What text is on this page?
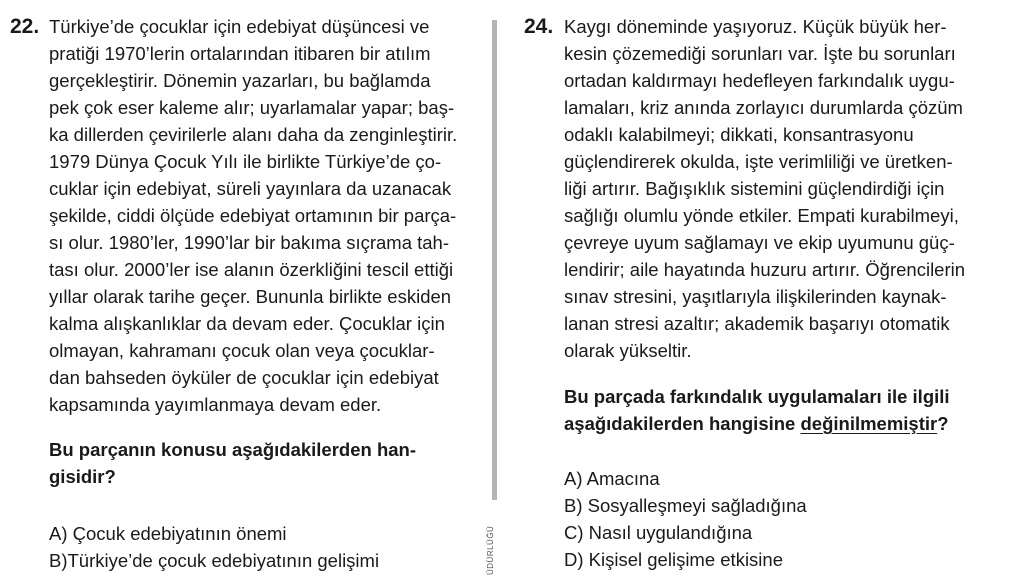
22. Türkiye’de çocuklar için edebiyat düşüncesi ve
pratiği 1970’lerin ortalarından itibaren bir atılım
gerçekleştirir. Dönemin yazarları, bu bağlamda
pek çok eser kaleme alır; uyarlamalar yapar; baş-
ka dillerden çevirilerle alanı daha da zenginleştirir.
1979 Dünya Çocuk Yılı ile birlikte Türkiye’de ço-
cuklar için edebiyat, süreli yayınlara da uzanacak
şekilde, ciddi ölçüde edebiyat ortamının bir parça-
sı olur. 1980’ler, 1990’lar bir bakıma sıçrama tah-
tası olur. 2000’ler ise alanın özerkliğini tescil ettiği
yıllar olarak tarihe geçer. Bununla birlikte eskiden
kalma alışkanlıklar da devam eder. Çocuklar için
olmayan, kahramanı çocuk olan veya çocuklar-
dan bahseden öyküler de çocuklar için edebiyat
kapsamında yayımlanmaya devam eder.
Bu parçanın konusu aşağıdakilerden han-
gisidir?
A) Çocuk edebiyatının önemi
B)Türkiye’de çocuk edebiyatının gelişimi	ÜDÜRLÜĞÜ
24. Kaygı döneminde yaşıyoruz. Küçük büyük her-
kesin çözemediği sorunları var. İşte bu sorunları
ortadan kaldırmayı hedefleyen farkındalık uygu-
lamaları, kriz anında zorlayıcı durumlarda çözüm
odaklı kalabilmeyi; dikkati, konsantrasyonu
güçlendirerek okulda, işte verimliliği ve üretken-
liği artırır. Bağışıklık sistemini güçlendirdiği için
sağlığı olumlu yönde etkiler. Empati kurabilmeyi,
çevreye uyum sağlamayı ve ekip uyumunu güç-
lendirir; aile hayatında huzuru artırır. Öğrencilerin
sınav stresini, yaşıtlarıyla ilişkilerinden kaynak-
lanan stresi azaltır; akademik başarıyı otomatik
olarak yükseltir.
Bu parçada farkındalık uygulamaları ile ilgili
aşağıdakilerden hangisine değinilmemiştir?
A) Amacına
B) Sosyalleşmeyi sağladığına
C) Nasıl uygulandığına
D) Kişisel gelişime etkisine
